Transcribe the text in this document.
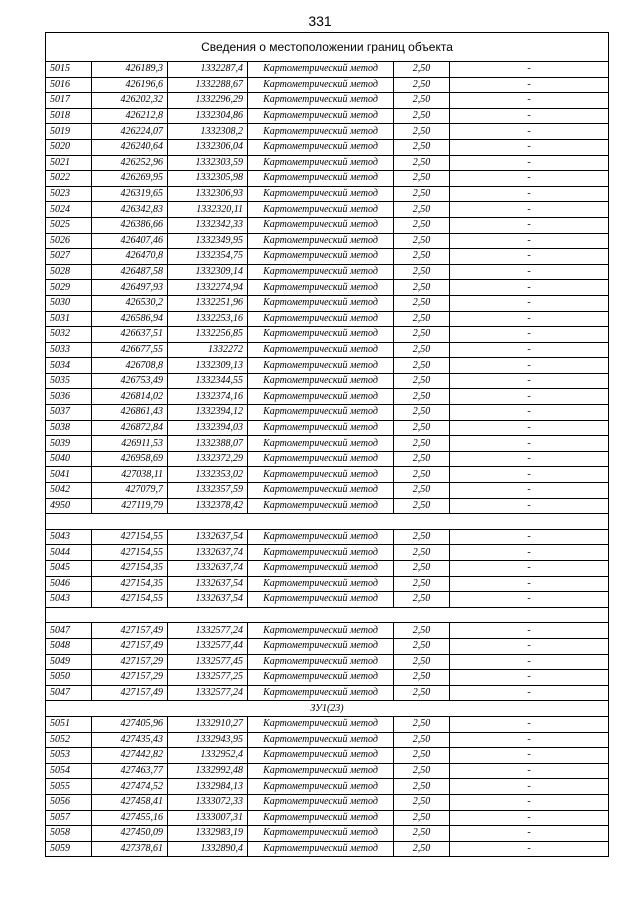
331
Сведения о местоположении границ объекта					
5015	426189,3	1332287,4	Картометрический метод	2,50	-
5016	426196,6	1332288,67	Картометрический метод	2,50	-
5017	426202,32	1332296,29	Картометрический метод	2,50	-
5018	426212,8	1332304,86	Картометрический метод	2,50	-
5019	426224,07	1332308,2	Картометрический метод	2,50	-
5020	426240,64	1332306,04	Картометрический метод	2,50	-
5021	426252,96	1332303,59	Картометрический метод	2,50	-
5022	426269,95	1332305,98	Картометрический метод	2,50	-
5023	426319,65	1332306,93	Картометрический метод	2,50	-
5024	426342,83	1332320,11	Картометрический метод	2,50	-
5025	426386,66	1332342,33	Картометрический метод	2,50	-
5026	426407,46	1332349,95	Картометрический метод	2,50	-
5027	426470,8	1332354,75	Картометрический метод	2,50	-
5028	426487,58	1332309,14	Картометрический метод	2,50	-
5029	426497,93	1332274,94	Картометрический метод	2,50	-
5030	426530,2	1332251,96	Картометрический метод	2,50	-
5031	426586,94	1332253,16	Картометрический метод	2,50	-
5032	426637,51	1332256,85	Картометрический метод	2,50	-
5033	426677,55	1332272	Картометрический метод	2,50	-
5034	426708,8	1332309,13	Картометрический метод	2,50	-
5035	426753,49	1332344,55	Картометрический метод	2,50	-
5036	426814,02	1332374,16	Картометрический метод	2,50	-
5037	426861,43	1332394,12	Картометрический метод	2,50	-
5038	426872,84	1332394,03	Картометрический метод	2,50	-
5039	426911,53	1332388,07	Картометрический метод	2,50	-
5040	426958,69	1332372,29	Картометрический метод	2,50	-
5041	427038,11	1332353,02	Картометрический метод	2,50	-
5042	427079,7	1332357,59	Картометрический метод	2,50	-
4950	427119,79	1332378,42	Картометрический метод	2,50	-

5043	427154,55	1332637,54	Картометрический метод	2,50	-
5044	427154,55	1332637,74	Картометрический метод	2,50	-
5045	427154,35	1332637,74	Картометрический метод	2,50	-
5046	427154,35	1332637,54	Картометрический метод	2,50	-
5043	427154,55	1332637,54	Картометрический метод	2,50	-

5047	427157,49	1332577,24	Картометрический метод	2,50	-
5048	427157,49	1332577,44	Картометрический метод	2,50	-
5049	427157,29	1332577,45	Картометрический метод	2,50	-
5050	427157,29	1332577,25	Картометрический метод	2,50	-
5047	427157,49	1332577,24	Картометрический метод	2,50	-
ЗУ1(23)					
5051	427405,96	1332910,27	Картометрический метод	2,50	-
5052	427435,43	1332943,95	Картометрический метод	2,50	-
5053	427442,82	1332952,4	Картометрический метод	2,50	-
5054	427463,77	1332992,48	Картометрический метод	2,50	-
5055	427474,52	1332984,13	Картометрический метод	2,50	-
5056	427458,41	1333072,33	Картометрический метод	2,50	-
5057	427455,16	1333007,31	Картометрический метод	2,50	-
5058	427450,09	1332983,19	Картометрический метод	2,50	-
5059	427378,61	1332890,4	Картометрический метод	2,50	-
